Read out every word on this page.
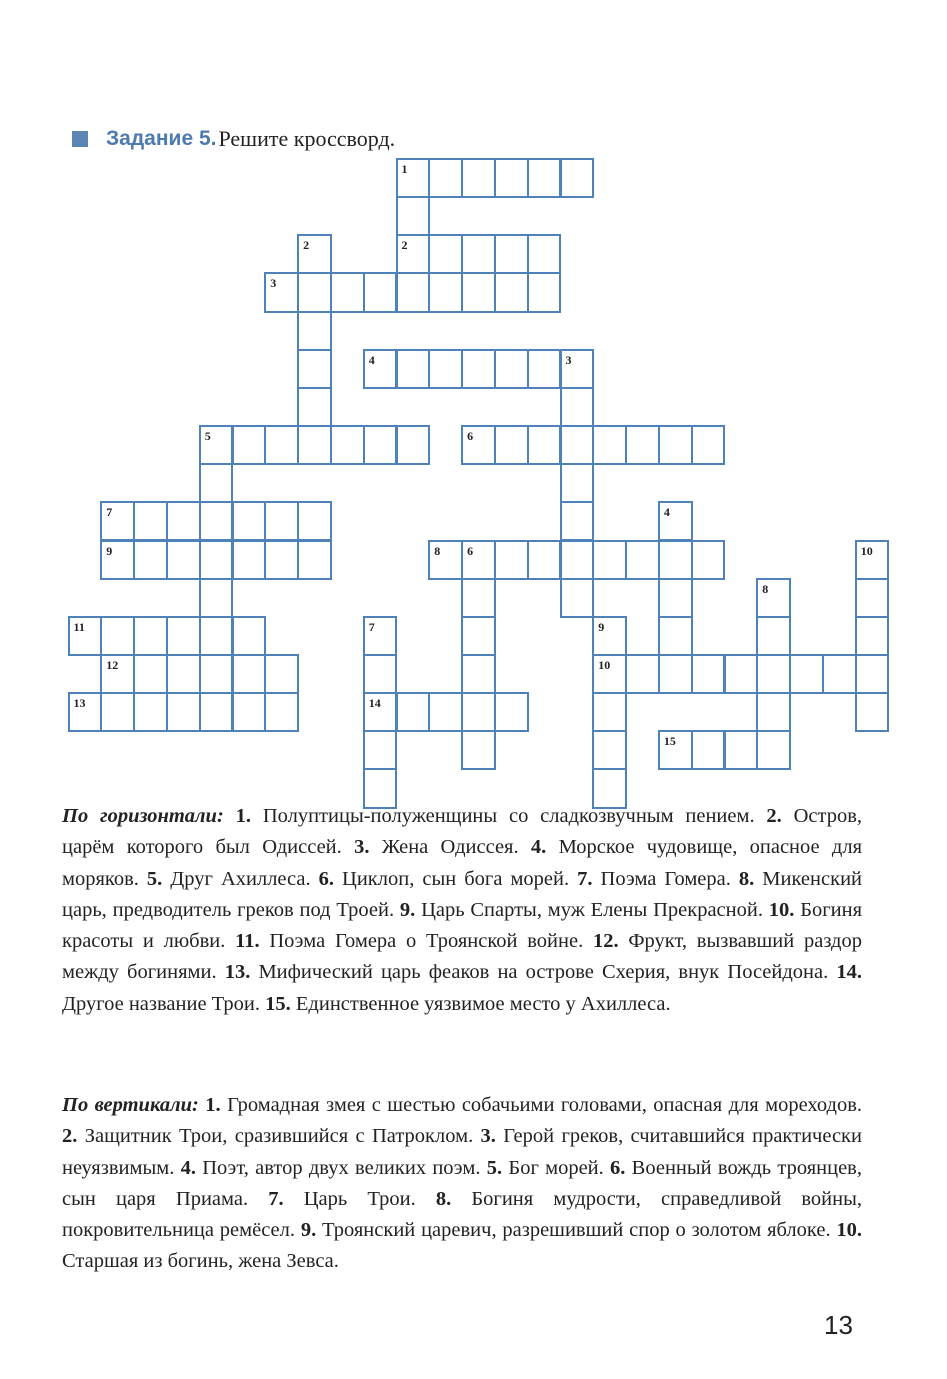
Задание 5. Решите кроссворд.
1
2	2
3
4	3
5	6
7	4
9	8 6	10
8
11	7	9
12	10
13	14
15

По горизонтали: 1. Полуптицы-полуженщины со сладкозвучным пением. 2. Остров, царём которого был Одиссей. 3. Жена Одиссея. 4. Морское чудовище, опасное для моряков. 5. Друг Ахиллеса. 6. Циклоп, сын бога морей. 7. Поэма Гомера. 8. Микенский царь, предводитель греков под Троей. 9. Царь Спарты, муж Елены Прекрасной. 10. Богиня красоты и любви. 11. Поэма Гомера о Троянской войне. 12. Фрукт, вызвавший раздор между богинями. 13. Мифический царь феаков на острове Схерия, внук Посейдона. 14. Другое название Трои. 15. Единственное уязвимое место у Ахиллеса.

По вертикали: 1. Громадная змея с шестью собачьими головами, опасная для мореходов. 2. Защитник Трои, сразившийся с Патроклом. 3. Герой греков, считавшийся практически неуязвимым. 4. Поэт, автор двух великих поэм. 5. Бог морей. 6. Военный вождь троянцев, сын царя Приама. 7. Царь Трои. 8. Богиня мудрости, справедливой войны, покровительница ремёсел. 9. Троянский царевич, разрешивший спор о золотом яблоке. 10. Старшая из богинь, жена Зевса.

13
